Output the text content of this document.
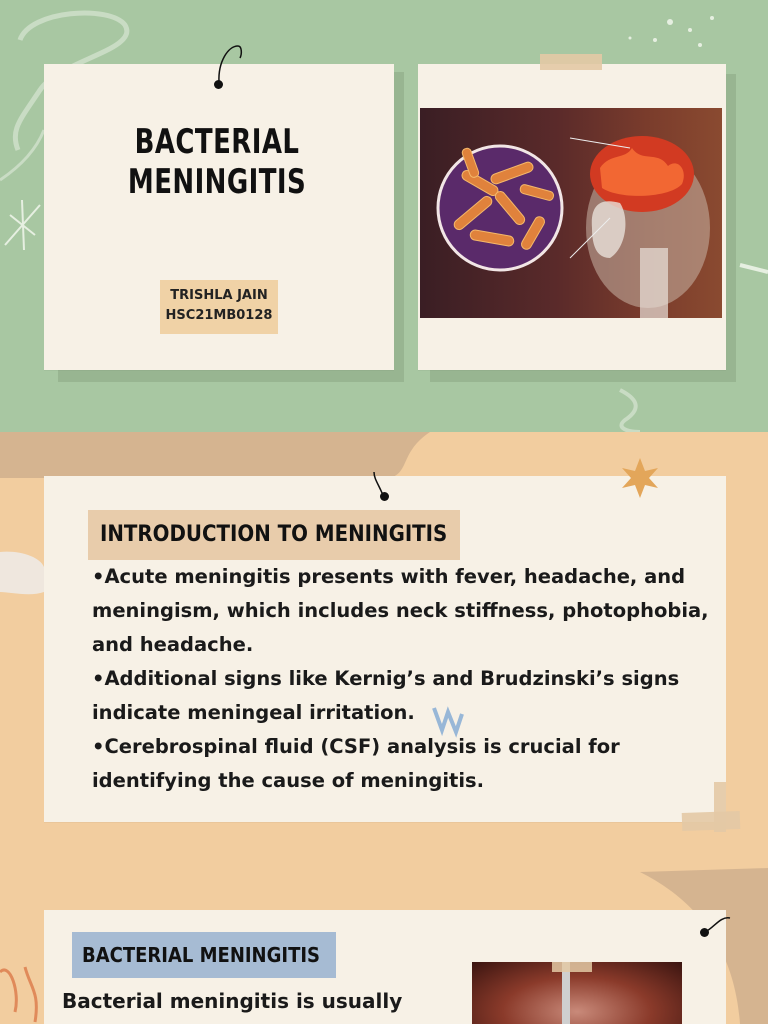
BACTERIAL
MENINGITIS
TRISHLA JAIN
HSC21MB0128
INTRODUCTION TO MENINGITIS

•Acute meningitis presents with fever, headache, and meningism, which includes neck stiffness, photophobia, and headache.

•Additional signs like Kernig’s and Brudzinski’s signs indicate meningeal irritation.

•Cerebrospinal fluid (CSF) analysis is crucial for identifying the cause of meningitis.

BACTERIAL MENINGITIS
Bacterial meningitis is usually
